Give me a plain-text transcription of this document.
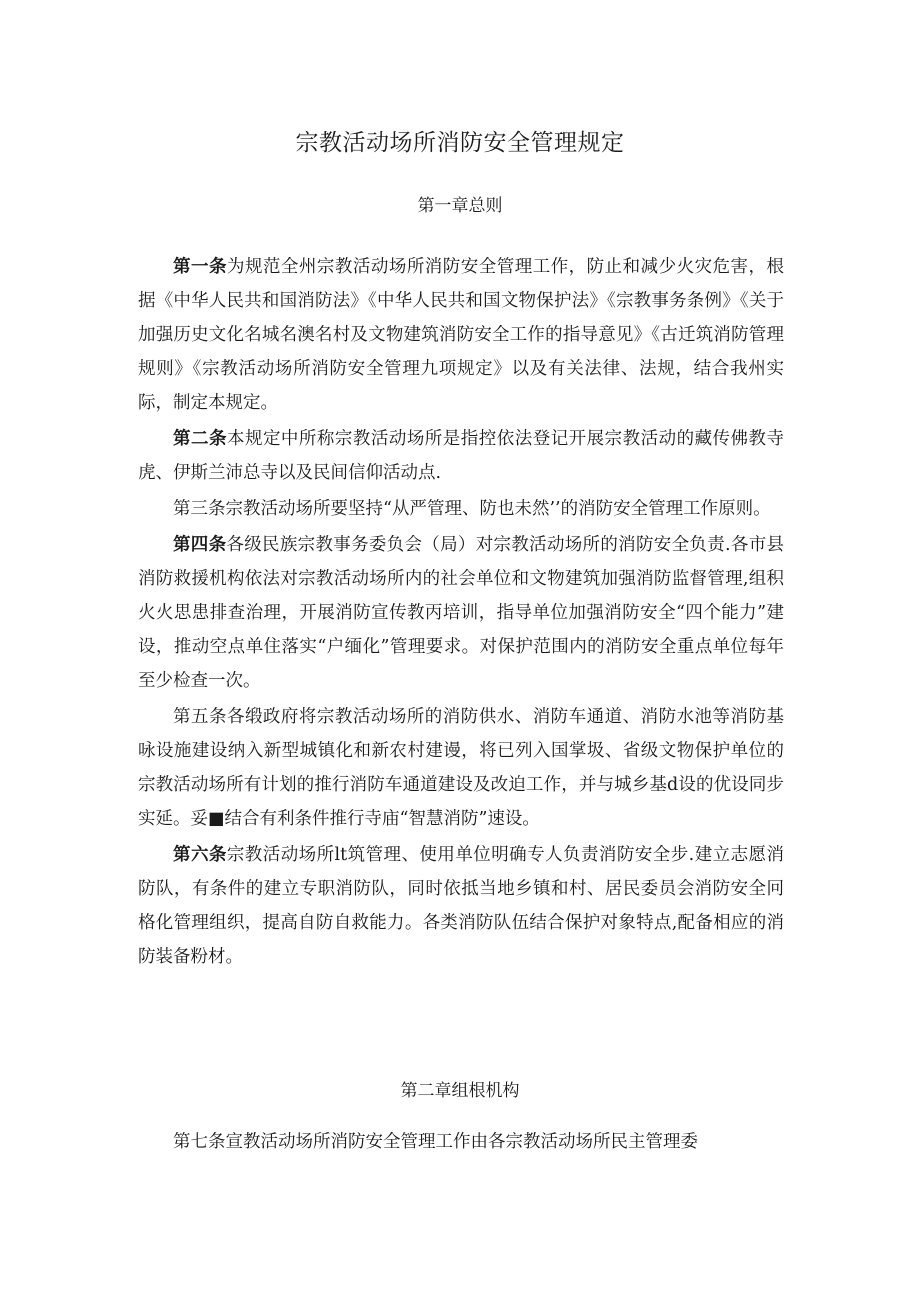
宗教活动场所消防安全管理规定
第一章总则

第一条为规范全州宗教活动场所消防安全管理工作，防止和减少火灾危害，根据《中华人民共和国消防法》《中华人民共和国文物保护法》《宗教事务条例》《关于加强历史文化名城名澳名村及文物建筑消防安全工作的指导意见》《古迁筑消防管理规则》《宗教活动场所消防安全管理九项规定》以及有关法律、法规，结合我州实际，制定本规定。

第二条本规定中所称宗教活动场所是指控依法登记开展宗教活动的藏传佛教寺虎、伊斯兰沛总寺以及民间信仰活动点.

第三条宗教活动场所要坚持“从严管理、防也未然’’的消防安全管理工作原则。

第四条各级民族宗教事务委负会（局）对宗教活动场所的消防安全负责.各市县消防救援机构依法对宗教活动场所内的社会单位和文物建筑加强消防监督管理,组积火火思患排查治理，开展消防宣传教丙培训，指导单位加强消防安全“四个能力”建设，推动空点单住落实“户缅化”管理要求。对保护范围内的消防安全重点单位每年至少检查一次。

第五条各缎政府将宗教活动场所的消防供水、消防车通道、消防水池等消防基咏设施建设纳入新型城镇化和新农村建谩，将已列入国掌圾、省级文物保护单位的宗教活动场所有计划的推行消防车通道建设及改迫工作，并与城乡基d设的优设同步实延。妥■结合有利条件推行寺庙“智慧消防”速设。

第六条宗教活动场所lt筑管理、使用单位明确专人负责消防安全步.建立志愿消防队，有条件的建立专职消防队，同时依抵当地乡镇和村、居民委员会消防安全冋格化管理组织，提高自防自救能力。各类消防队伍结合保护对象特点,配备相应的消防装备粉材。

第二章组根机构

第七条宣教活动场所消防安全管理工作由各宗教活动场所民主管理委
